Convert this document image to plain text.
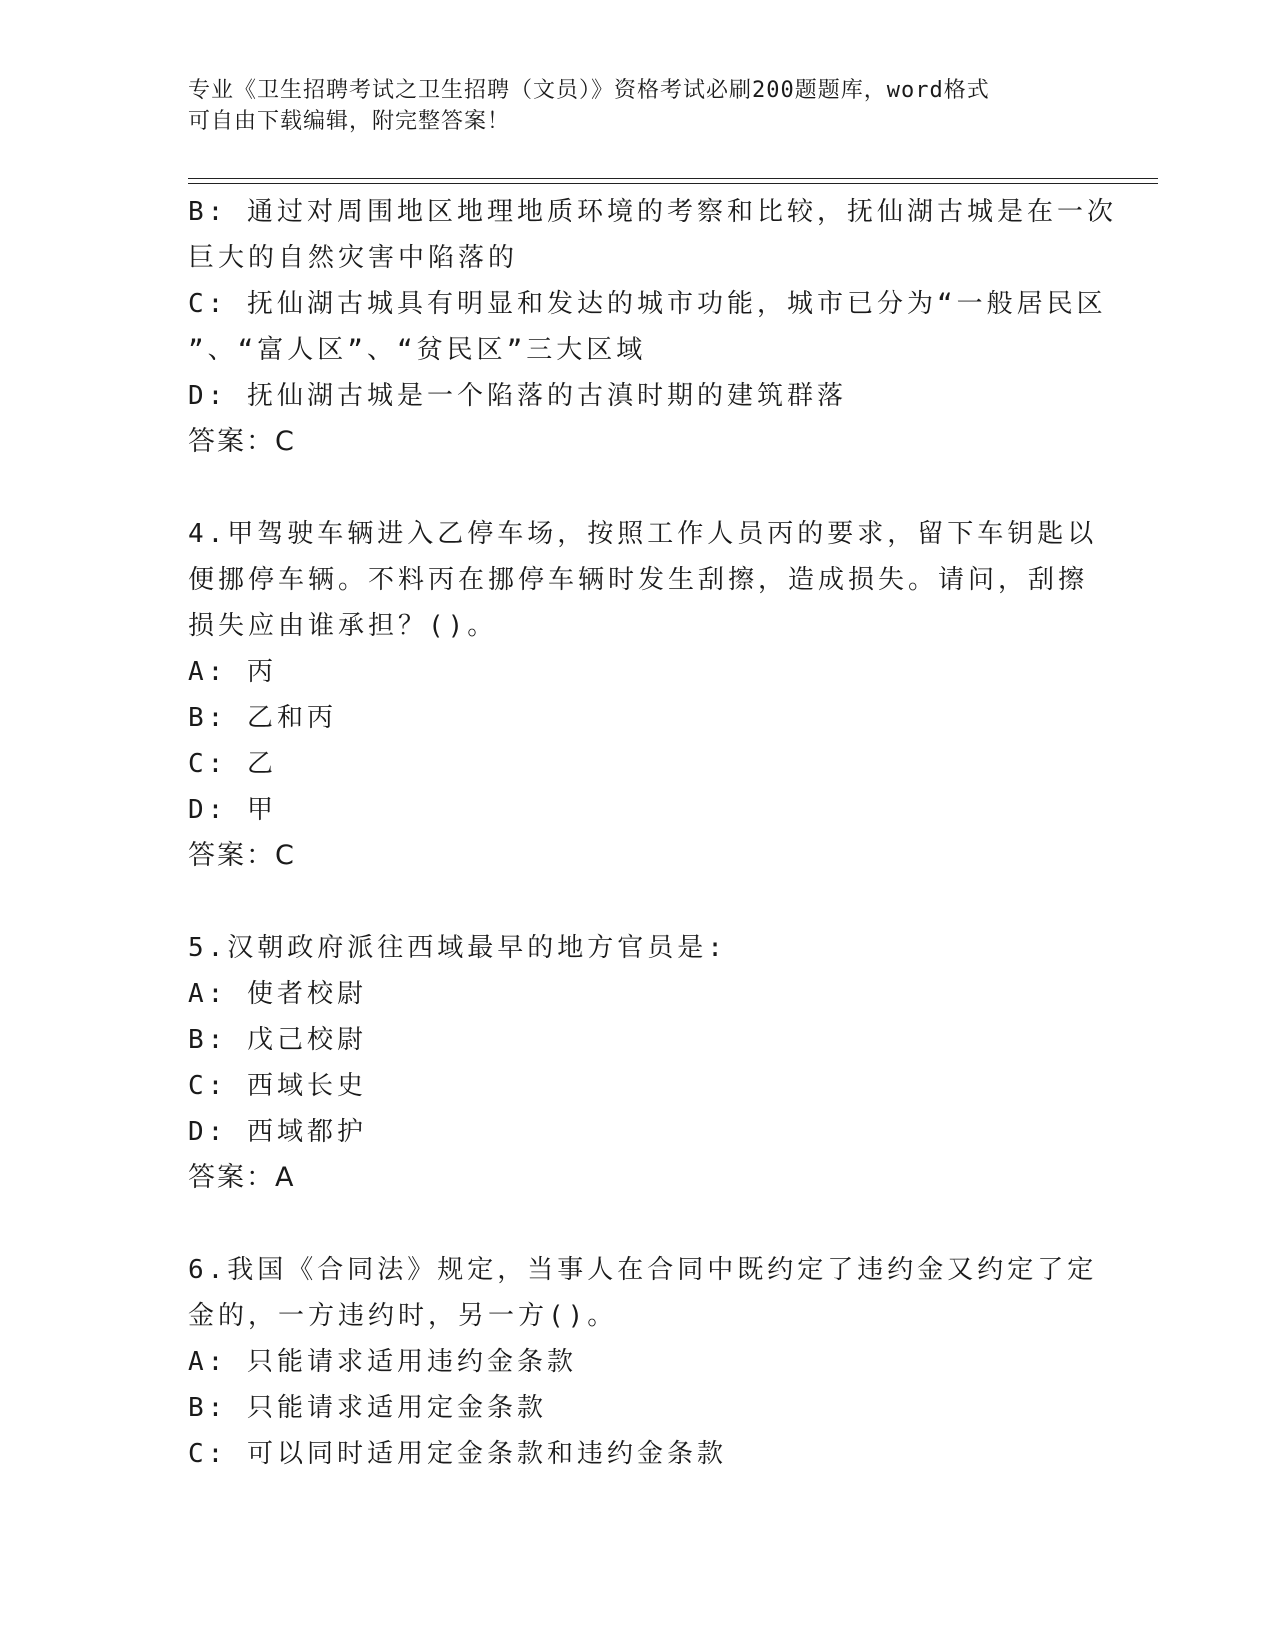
专业《卫生招聘考试之卫生招聘（文员）》资格考试必刷200题题库，word格式
可自由下载编辑，附完整答案！
B: 通过对周围地区地理地质环境的考察和比较，抚仙湖古城是在一次
巨大的自然灾害中陷落的
C: 抚仙湖古城具有明显和发达的城市功能，城市已分为“一般居民区
”、“富人区”、“贫民区”三大区域
D: 抚仙湖古城是一个陷落的古滇时期的建筑群落
答案：C
4.甲驾驶车辆进入乙停车场，按照工作人员丙的要求，留下车钥匙以
便挪停车辆。不料丙在挪停车辆时发生刮擦，造成损失。请问，刮擦
损失应由谁承担？()。
A: 丙
B: 乙和丙
C: 乙
D: 甲
答案：C
5.汉朝政府派往西域最早的地方官员是:
A: 使者校尉
B: 戊己校尉
C: 西域长史
D: 西域都护
答案：A
6.我国《合同法》规定，当事人在合同中既约定了违约金又约定了定
金的，一方违约时，另一方()。
A: 只能请求适用违约金条款
B: 只能请求适用定金条款
C: 可以同时适用定金条款和违约金条款
